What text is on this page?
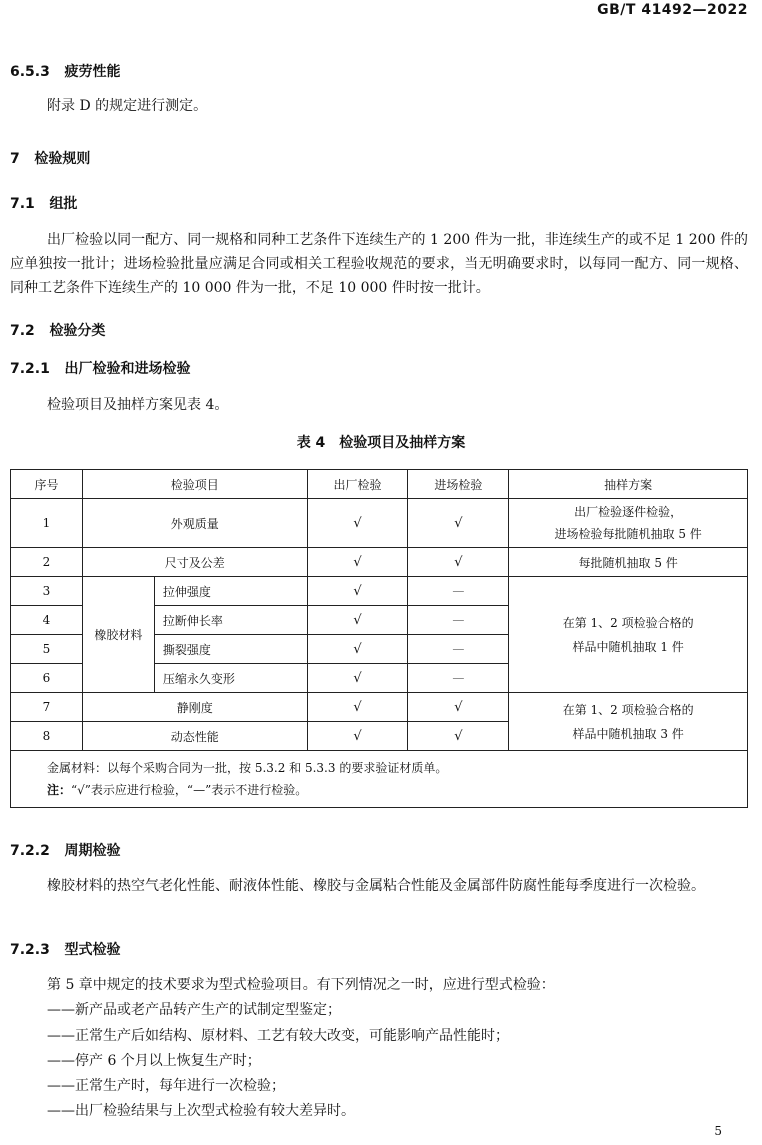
GB/T 41492—2022
6.5.3 疲劳性能
附录 D 的规定进行测定。
7 检验规则
7.1 组批
出厂检验以同一配方、同一规格和同种工艺条件下连续生产的 1 200 件为一批，非连续生产的或不足 1 200 件的应单独按一批计；进场检验批量应满足合同或相关工程验收规范的要求，当无明确要求时，以每同一配方、同一规格、同种工艺条件下连续生产的 10 000 件为一批，不足 10 000 件时按一批计。
7.2 检验分类
7.2.1 出厂检验和进场检验
检验项目及抽样方案见表 4。
表 4　检验项目及抽样方案
序号	检验项目		出厂检验	进场检验	抽样方案
1	外观质量		√	√	出厂检验逐件检验，
进场检验每批随机抽取 5 件

2	尺寸及公差		√	√	每批随机抽取 5 件
3	橡胶材料	拉伸强度	√	—	在第 1、2 项检验合格的
样品中随机抽取 1 件

4		拉断伸长率	√	—	
5		撕裂强度	√	—	
6		压缩永久变形	√	—	
7	静刚度		√	√	在第 1、2 项检验合格的
样品中随机抽取 3 件

8	动态性能		√	√	

金属材料：以每个采购合同为一批，按 5.3.2 和 5.3.3 的要求验证材质单。
注：“√”表示应进行检验，“—”表示不进行检验。					
7.2.2 周期检验
橡胶材料的热空气老化性能、耐液体性能、橡胶与金属粘合性能及金属部件防腐性能每季度进行一次检验。
7.2.3 型式检验
第 5 章中规定的技术要求为型式检验项目。有下列情况之一时，应进行型式检验：
——新产品或老产品转产生产的试制定型鉴定；
——正常生产后如结构、原材料、工艺有较大改变，可能影响产品性能时；
——停产 6 个月以上恢复生产时；
——正常生产时，每年进行一次检验；
——出厂检验结果与上次型式检验有较大差异时。
5
